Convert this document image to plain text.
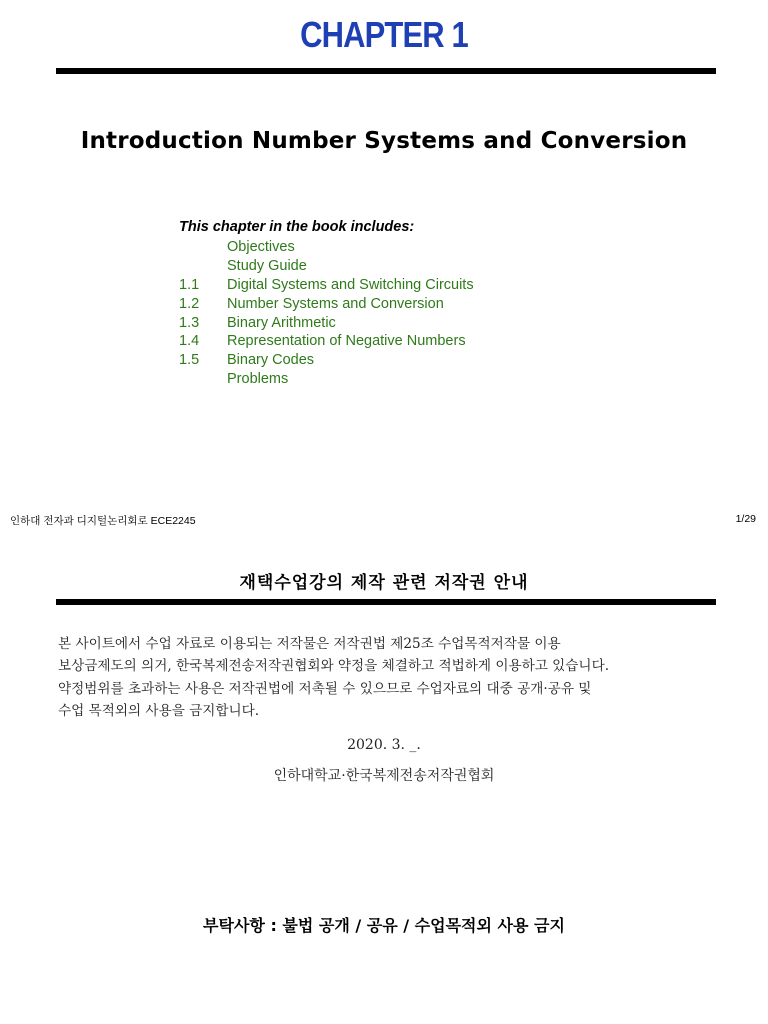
CHAPTER 1
Introduction Number Systems and Conversion
This chapter in the book includes:
Objectives
Study Guide
1.1	Digital Systems and Switching Circuits
1.2	Number Systems and Conversion
1.3	Binary Arithmetic
1.4	Representation of Negative Numbers
1.5	Binary Codes
Problems
인하대 전자과 디지털논리회로 ECE2245	1/29
재택수업강의 제작 관련 저작권 안내
본 사이트에서 수업 자료로 이용되는 저작물은 저작권법 제25조 수업목적저작물 이용
보상금제도의 의거, 한국복제전송저작권협회와 약정을 체결하고 적법하게 이용하고 있습니다.
약정범위를 초과하는 사용은 저작권법에 저촉될 수 있으므로 수업자료의 대중 공개·공유 및
수업 목적외의 사용을 금지합니다.
2020. 3. _.
인하대학교·한국복제전송저작권협회
부탁사항 : 불법 공개 / 공유 / 수업목적외 사용 금지
